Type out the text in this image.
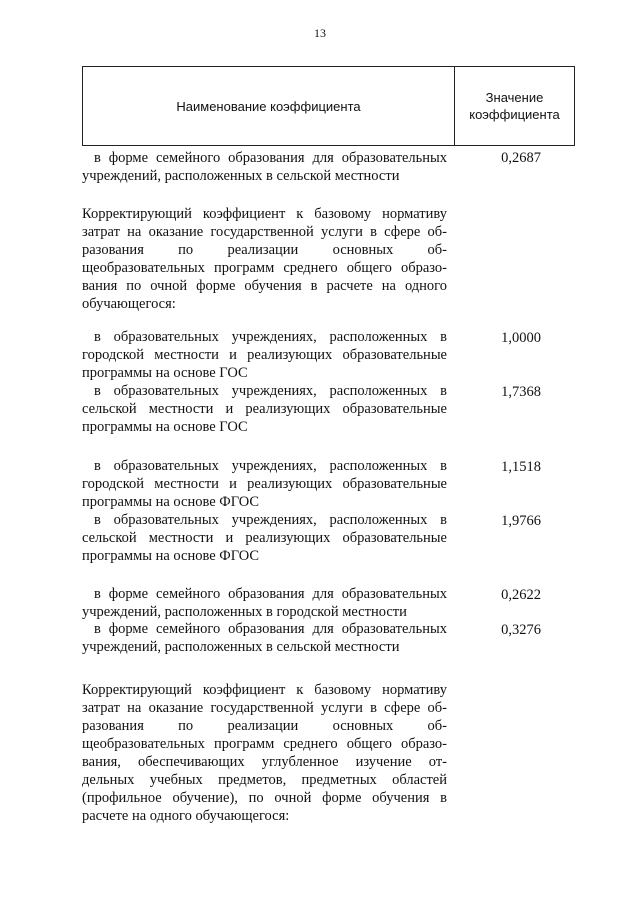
13
Наименование коэффициента
Значение
коэффициента
в форме семейного образования для образовательных
учреждений, расположенных в сельской местности
0,2687
Корректирующий коэффициент к базовому нормативу
затрат на оказание государственной услуги в сфере об-
разования по реализации основных об-
щеобразовательных программ среднего общего образо-
вания по очной форме обучения в расчете на одного
обучающегося:
в образовательных учреждениях, расположенных в
городской местности и реализующих образовательные
программы на основе ГОС
1,0000
в образовательных учреждениях, расположенных в
сельской местности и реализующих образовательные
программы на основе ГОС
1,7368
в образовательных учреждениях, расположенных в
городской местности и реализующих образовательные
программы на основе ФГОС
1,1518
в образовательных учреждениях, расположенных в
сельской местности и реализующих образовательные
программы на основе ФГОС
1,9766
в форме семейного образования для образовательных
учреждений, расположенных в городской местности
0,2622
в форме семейного образования для образовательных
учреждений, расположенных в сельской местности
0,3276
Корректирующий коэффициент к базовому нормативу
затрат на оказание государственной услуги в сфере об-
разования по реализации основных об-
щеобразовательных программ среднего общего образо-
вания, обеспечивающих углубленное изучение от-
дельных учебных предметов, предметных областей
(профильное обучение), по очной форме обучения в
расчете на одного обучающегося:
